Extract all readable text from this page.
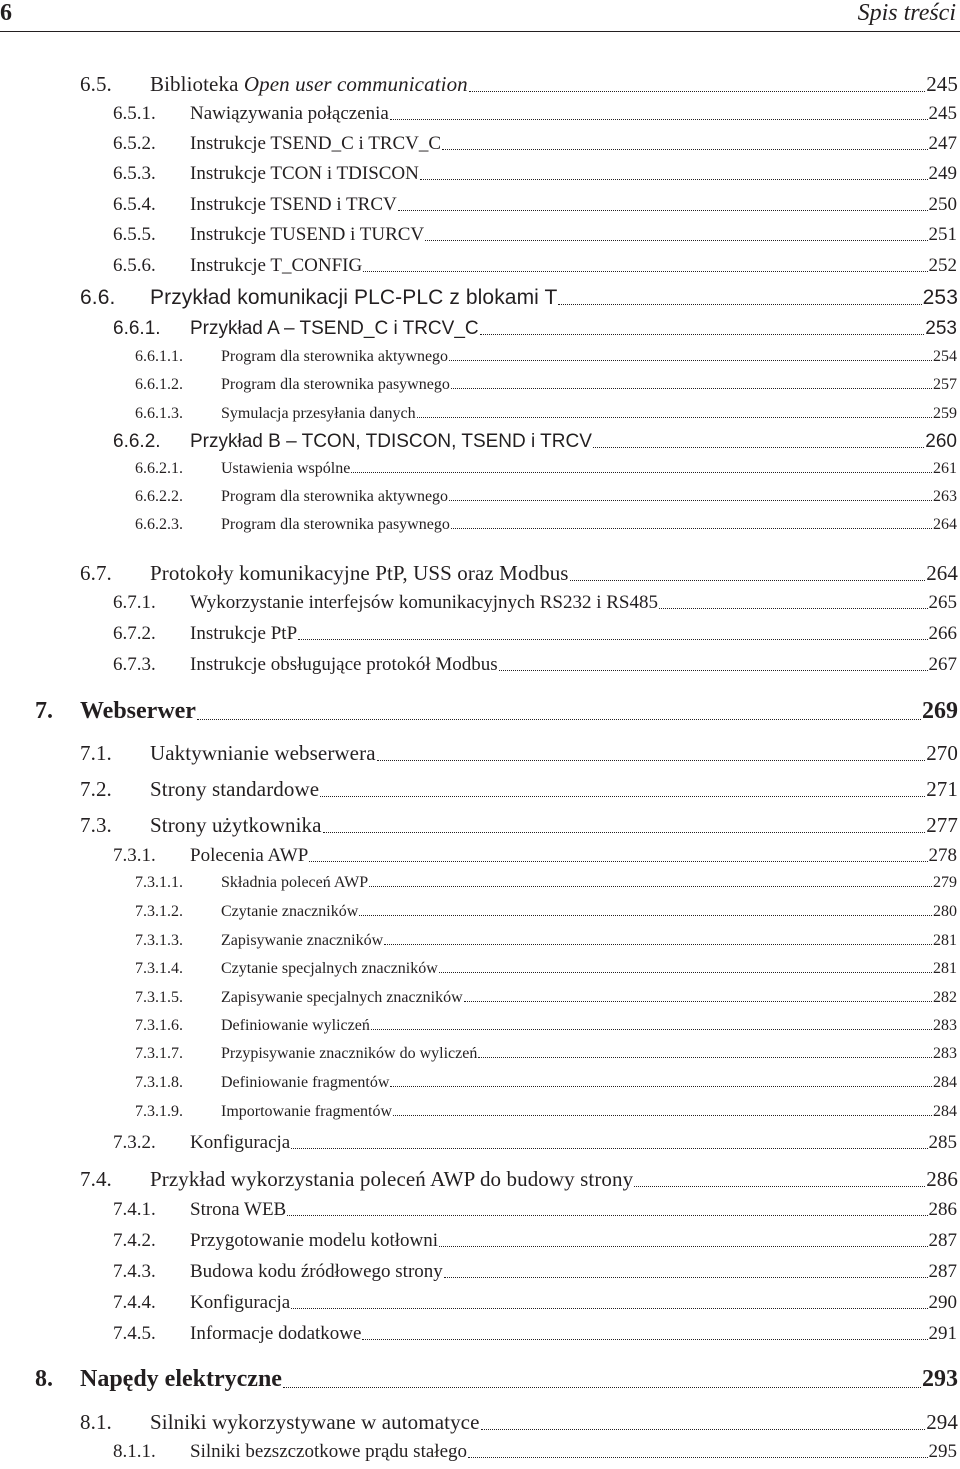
6	Spis treści
6.5. Biblioteka Open user communication	245
6.5.1. Nawiązywania połączenia	245
6.5.2. Instrukcje TSEND_C i TRCV_C	247
6.5.3. Instrukcje TCON i TDISCON	249
6.5.4. Instrukcje TSEND i TRCV	250
6.5.5. Instrukcje TUSEND i TURCV	251
6.5.6. Instrukcje T_CONFIG	252
6.6. Przykład komunikacji PLC-PLC z blokami T	253
6.6.1. Przykład A – TSEND_C i TRCV_C	253
6.6.1.1. Program dla sterownika aktywnego	254
6.6.1.2. Program dla sterownika pasywnego	257
6.6.1.3. Symulacja przesyłania danych	259
6.6.2. Przykład B – TCON, TDISCON, TSEND i TRCV	260
6.6.2.1. Ustawienia wspólne	261
6.6.2.2. Program dla sterownika aktywnego	263
6.6.2.3. Program dla sterownika pasywnego	264
6.7. Protokoły komunikacyjne PtP, USS oraz Modbus	264
6.7.1. Wykorzystanie interfejsów komunikacyjnych RS232 i RS485	265
6.7.2. Instrukcje PtP	266
6.7.3. Instrukcje obsługujące protokół Modbus	267
7. Webserwer	269
7.1. Uaktywnianie webserwera	270
7.2. Strony standardowe	271
7.3. Strony użytkownika	277
7.3.1. Polecenia AWP	278
7.3.1.1. Składnia poleceń AWP	279
7.3.1.2. Czytanie znaczników	280
7.3.1.3. Zapisywanie znaczników	281
7.3.1.4. Czytanie specjalnych znaczników	281
7.3.1.5. Zapisywanie specjalnych znaczników	282
7.3.1.6. Definiowanie wyliczeń	283
7.3.1.7. Przypisywanie znaczników do wyliczeń	283
7.3.1.8. Definiowanie fragmentów	284
7.3.1.9. Importowanie fragmentów	284
7.3.2. Konfiguracja	285
7.4. Przykład wykorzystania poleceń AWP do budowy strony	286
7.4.1. Strona WEB	286
7.4.2. Przygotowanie modelu kotłowni	287
7.4.3. Budowa kodu źródłowego strony	287
7.4.4. Konfiguracja	290
7.4.5. Informacje dodatkowe	291
8. Napędy elektryczne	293
8.1. Silniki wykorzystywane w automatyce	294
8.1.1. Silniki bezszczotkowe prądu stałego	295
